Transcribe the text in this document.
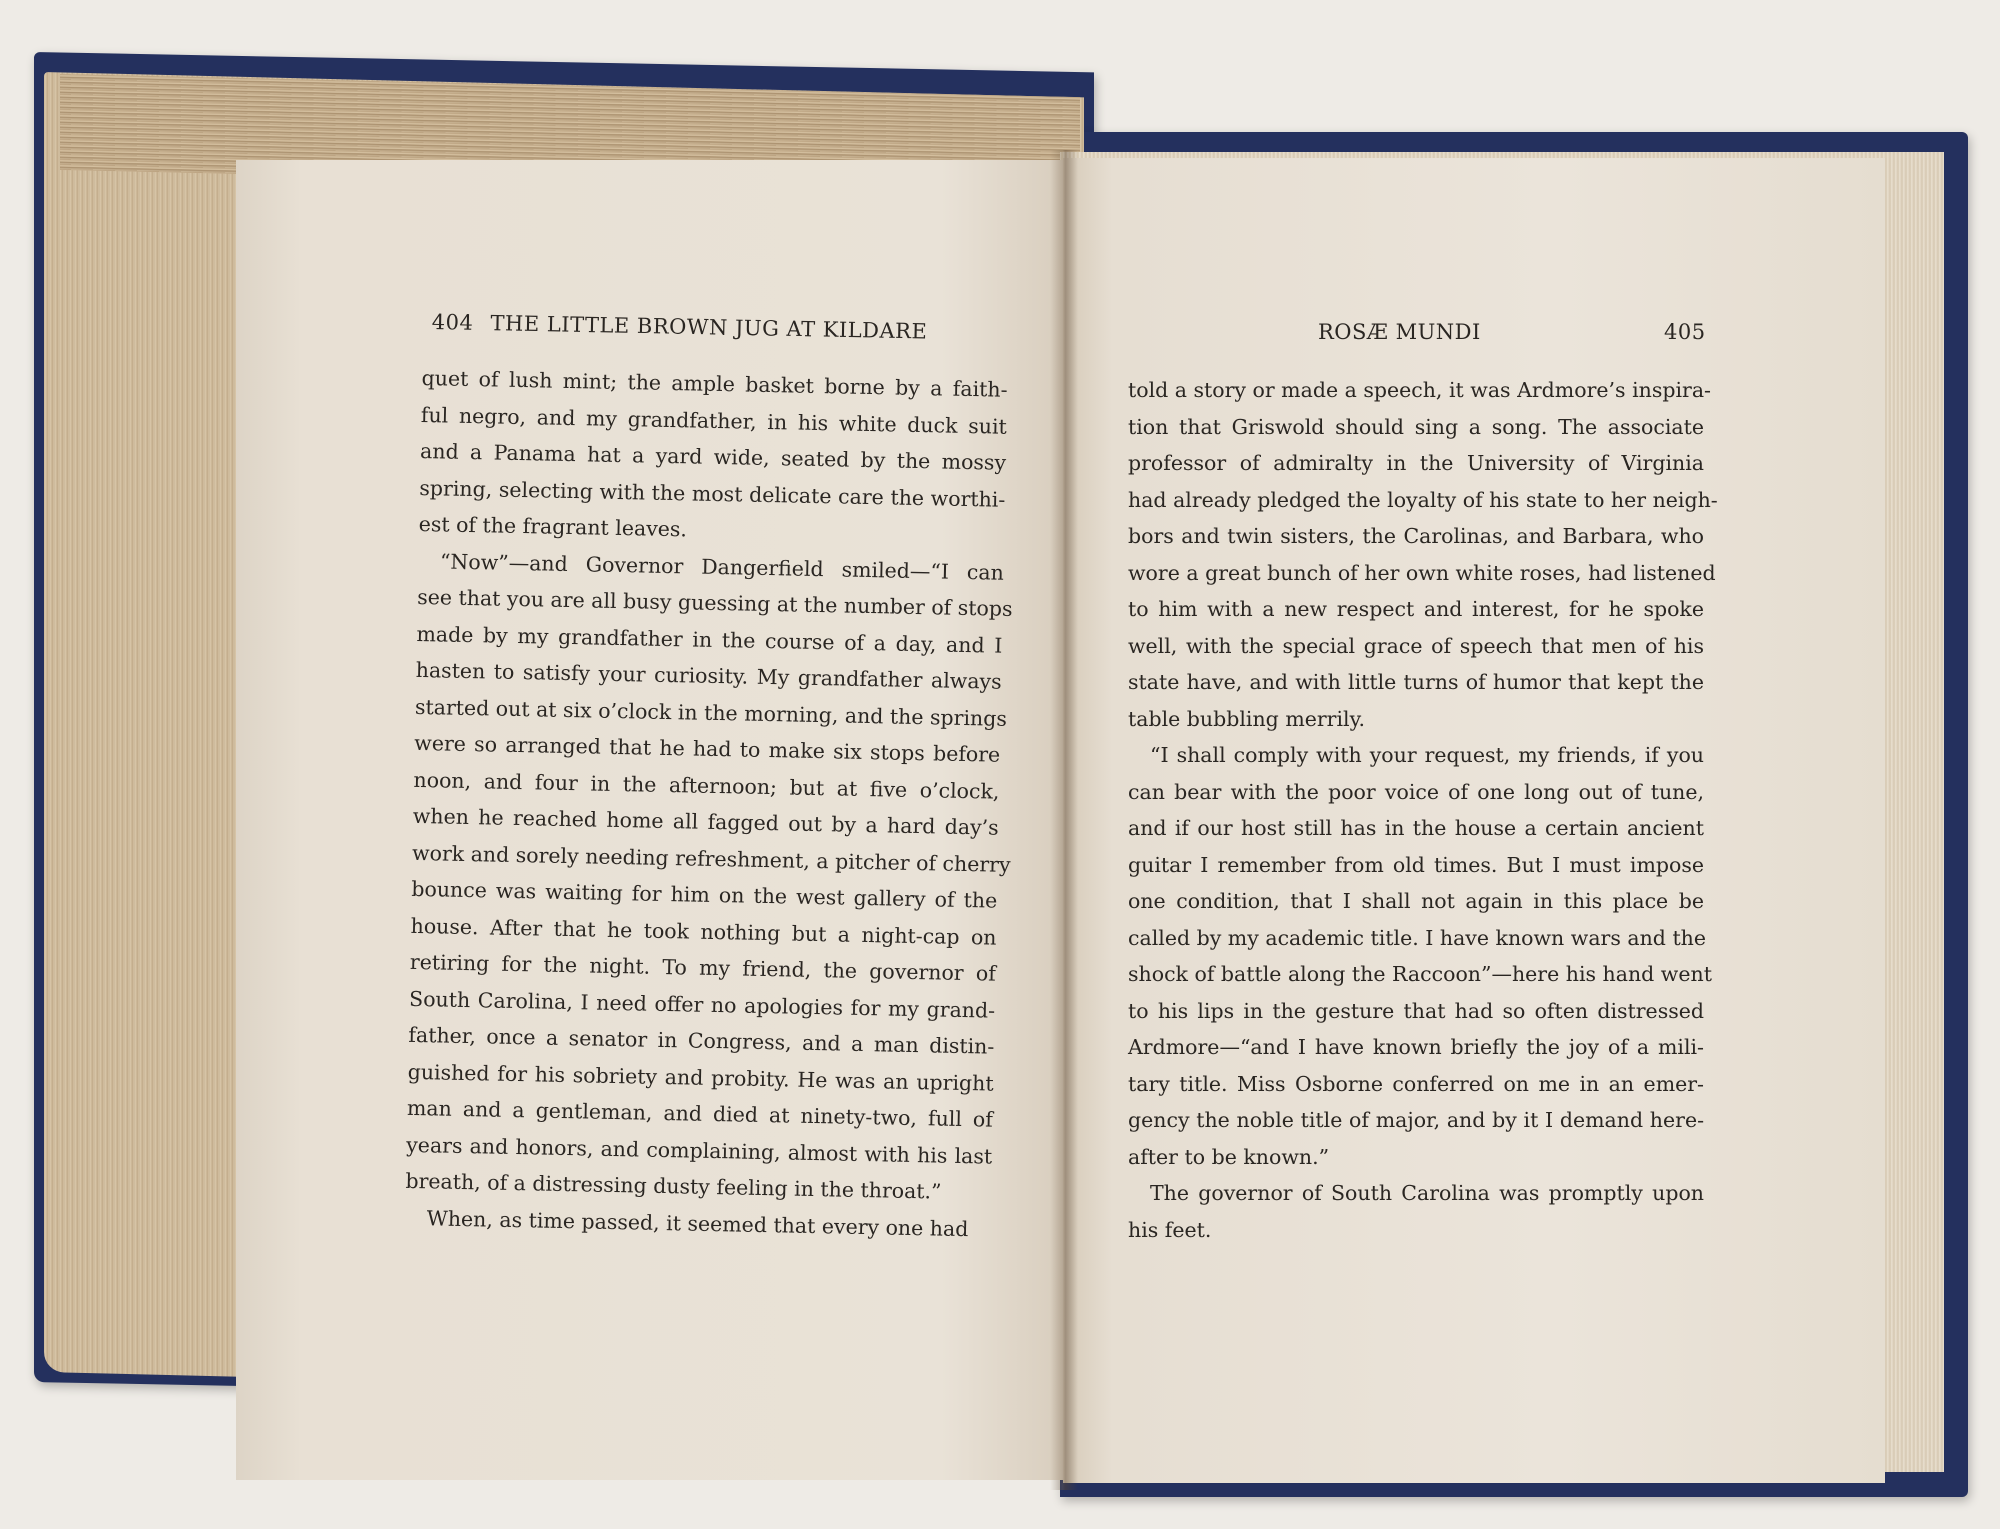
404 THE LITTLE BROWN JUG AT KILDARE	ROSÆ MUNDI	405
quet of lush mint; the ample basket borne by a faith-
ful negro, and my grandfather, in his white duck suit
and a Panama hat a yard wide, seated by the mossy
spring, selecting with the most delicate care the worthi-
est of the fragrant leaves.
“Now”—and Governor Dangerfield smiled—“I can
see that you are all busy guessing at the number of stops
made by my grandfather in the course of a day, and I
hasten to satisfy your curiosity. My grandfather always
started out at six o’clock in the morning, and the springs
were so arranged that he had to make six stops before
noon, and four in the afternoon; but at five o’clock,
when he reached home all fagged out by a hard day’s
work and sorely needing refreshment, a pitcher of cherry
bounce was waiting for him on the west gallery of the
house. After that he took nothing but a night-cap on
retiring for the night. To my friend, the governor of
South Carolina, I need offer no apologies for my grand-
father, once a senator in Congress, and a man distin-
guished for his sobriety and probity. He was an upright
man and a gentleman, and died at ninety-two, full of
years and honors, and complaining, almost with his last
breath, of a distressing dusty feeling in the throat.”
When, as time passed, it seemed that every one had
told a story or made a speech, it was Ardmore’s inspira-
tion that Griswold should sing a song. The associate
professor of admiralty in the University of Virginia
had already pledged the loyalty of his state to her neigh-
bors and twin sisters, the Carolinas, and Barbara, who
wore a great bunch of her own white roses, had listened
to him with a new respect and interest, for he spoke
well, with the special grace of speech that men of his
state have, and with little turns of humor that kept the
table bubbling merrily.
“I shall comply with your request, my friends, if you
can bear with the poor voice of one long out of tune,
and if our host still has in the house a certain ancient
guitar I remember from old times. But I must impose
one condition, that I shall not again in this place be
called by my academic title. I have known wars and the
shock of battle along the Raccoon”—here his hand went
to his lips in the gesture that had so often distressed
Ardmore—“and I have known briefly the joy of a mili-
tary title. Miss Osborne conferred on me in an emer-
gency the noble title of major, and by it I demand here-
after to be known.”
The governor of South Carolina was promptly upon
his feet.
